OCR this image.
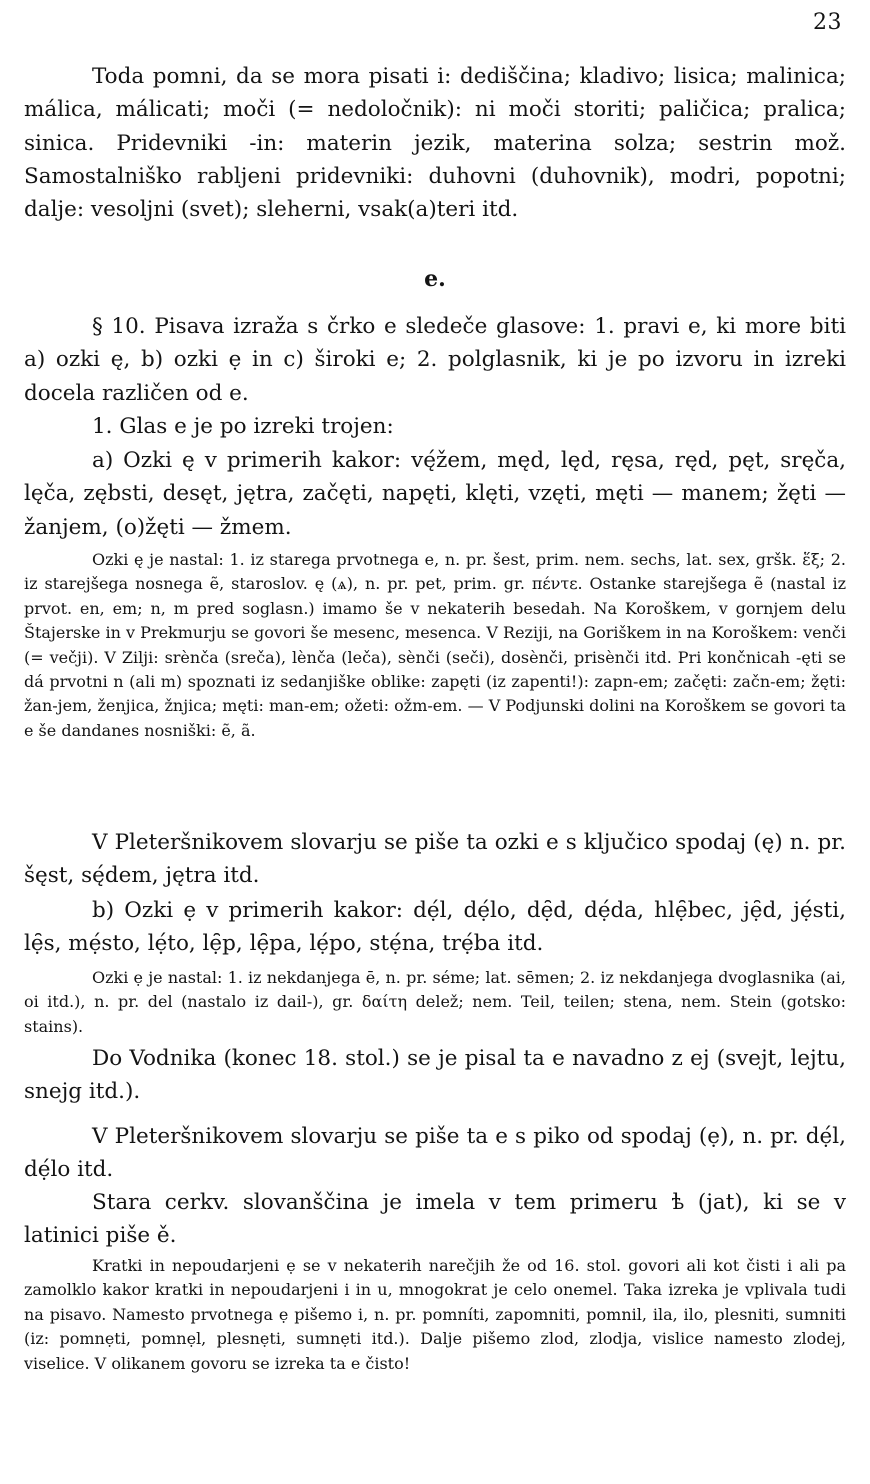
23

Toda pomni, da se mora pisati i: dediščina; kladivo; lisica; malinica; málica, málicati; moči (= nedoločnik): ni moči storiti; paličica; pralica; sinica. Pridevniki -in: materin jezik, materina solza; sestrin mož. Samostalniško rabljeni pridevniki: duhovni (duhovnik), modri, popotni; dalje: vesoljni (svet); sleherni, vsak(a)teri itd.

e.

§ 10. Pisava izraža s črko e sledeče glasove: 1. pravi e, ki more biti a) ozki ę, b) ozki ẹ in c) široki e; 2. polglasnik, ki je po izvoru in izreki docela različen od e.

1. Glas e je po izreki trojen:

a) Ozki ę v primerih kakor: vę́žem, męd, lęd, ręsa, ręd, pęt, sręča, lęča, zębsti, desęt, jętra, začęti, napęti, klęti, vzęti, męti — manem; žęti — žanjem, (o)žęti — žmem.

Ozki ę je nastal: 1. iz starega prvotnega e, n. pr. šest, prim. nem. sechs, lat. sex, gršk. ἕξ; 2. iz starejšega nosnega ẽ, staroslov. ę (ѧ), n. pr. pet, prim. gr. πέντε. Ostanke starejšega ẽ (nastal iz prvot. en, em; n, m pred soglasn.) imamo še v nekaterih besedah. Na Koroškem, v gornjem delu Štajerske in v Prekmurju se govori še mesenc, mesenca. V Reziji, na Goriškem in na Koroškem: venči (= večji). V Zilji: srènča (sreča), lènča (leča), sènči (seči), dosènči, prisènči itd. Pri končnicah -ęti se dá prvotni n (ali m) spoznati iz sedanjiške oblike: zapęti (iz zapenti!): zapn-em; začęti: začn-em; žęti: žan-jem, ženjica, žnjica; męti: man-em; ožeti: ožm-em. — V Podjunski dolini na Koroškem se govori ta e še dandanes nosniški: ẽ, ã.

V Pleteršnikovem slovarju se piše ta ozki e s ključico spodaj (ę) n. pr. šęst, sę́dem, jętra itd.

b) Ozki ẹ v primerih kakor: dẹ́l, dẹ́lo, dẹ̑d, dẹ́da, hlẹ̑bec, jẹ̑d, jẹ́sti, lẹ̑s, mẹ́sto, lẹ́to, lẹ̑p, lẹ̑pa, lẹ́po, stẹ́na, trẹ́ba itd.

Ozki ẹ je nastal: 1. iz nekdanjega ē, n. pr. séme; lat. sēmen; 2. iz nekdanjega dvoglasnika (ai, oi itd.), n. pr. del (nastalo iz dail-), gr. δαίτη delež; nem. Teil, teilen; stena, nem. Stein (gotsko: stains).

Do Vodnika (konec 18. stol.) se je pisal ta e navadno z ej (svejt, lejtu, snejg itd.).

V Pleteršnikovem slovarju se piše ta e s piko od spodaj (ẹ), n. pr. dẹ́l, dẹ́lo itd.

Stara cerkv. slovanščina je imela v tem primeru ѣ (jat), ki se v latinici piše ě.

Kratki in nepoudarjeni ẹ se v nekaterih narečjih že od 16. stol. govori ali kot čisti i ali pa zamolklo kakor kratki in nepoudarjeni i in u, mnogokrat je celo onemel. Taka izreka je vplivala tudi na pisavo. Namesto prvotnega ẹ pišemo i, n. pr. pomníti, zapomniti, pomnil, ila, ilo, plesniti, sumniti (iz: pomnẹti, pomnẹl, plesnẹti, sumnẹti itd.). Dalje pišemo zlod, zlodja, vislice namesto zlodej, viselice. V olikanem govoru se izreka ta e čisto!
